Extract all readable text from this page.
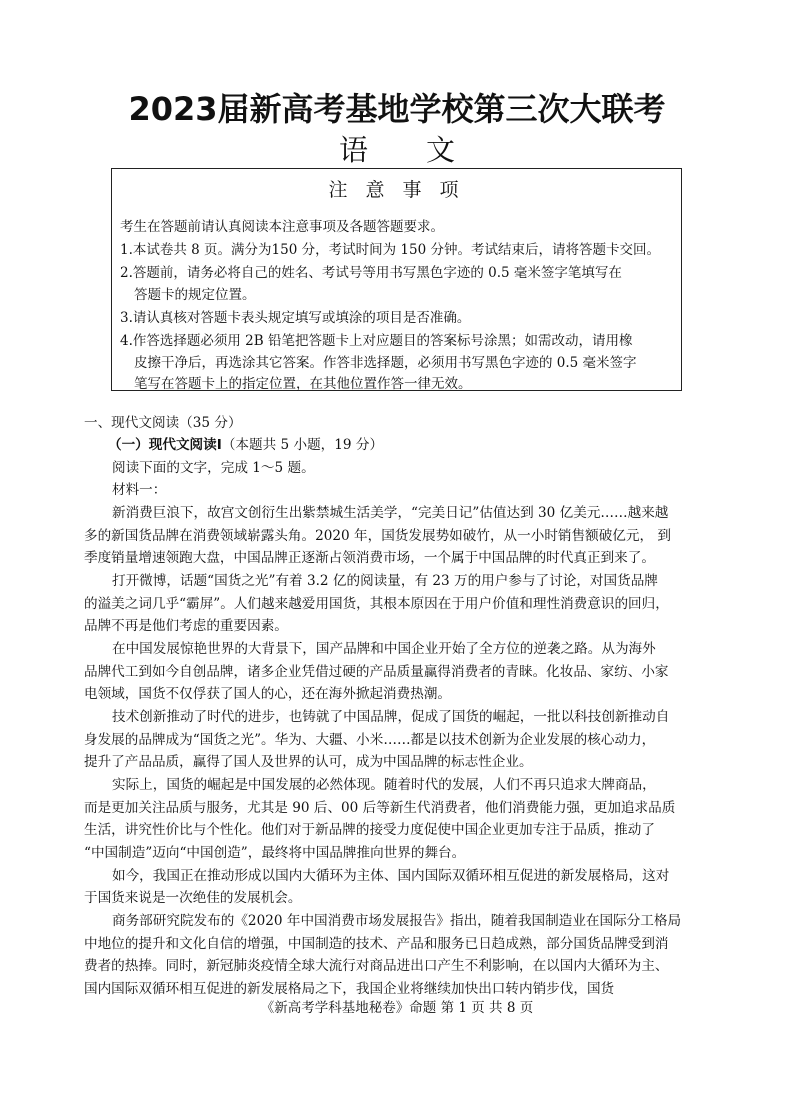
2023届新高考基地学校第三次大联考
语 文
注 意 事 项
考生在答题前请认真阅读本注意事项及各题答题要求。
1.本试卷共 8 页。满分为150 分，考试时间为 150 分钟。考试结束后，请将答题卡交回。
2.答题前，请务必将自己的姓名、考试号等用书写黑色字迹的 0.5 毫米签字笔填写在
答题卡的规定位置。
3.请认真核对答题卡表头规定填写或填涂的项目是否准确。
4.作答选择题必须用 2B 铅笔把答题卡上对应题目的答案标号涂黑；如需改动，请用橡
皮擦干净后，再选涂其它答案。作答非选择题，必须用书写黑色字迹的 0.5 毫米签字
笔写在答题卡上的指定位置，在其他位置作答一律无效。
一、现代文阅读（35 分）
（一）现代文阅读Ⅰ（本题共 5 小题，19 分）
阅读下面的文字，完成 1～5 题。
材料一：
新消费巨浪下，故宫文创衍生出紫禁城生活美学，“完美日记”估值达到 30 亿美元……越来越
多的新国货品牌在消费领域崭露头角。2020 年，国货发展势如破竹，从一小时销售额破亿元， 到
季度销量增速领跑大盘，中国品牌正逐渐占领消费市场，一个属于中国品牌的时代真正到来了。
打开微博，话题“国货之光”有着 3.2 亿的阅读量，有 23 万的用户参与了讨论，对国货品牌
的溢美之词几乎“霸屏”。人们越来越爱用国货，其根本原因在于用户价值和理性消费意识的回归，
品牌不再是他们考虑的重要因素。
在中国发展惊艳世界的大背景下，国产品牌和中国企业开始了全方位的逆袭之路。从为海外
品牌代工到如今自创品牌，诸多企业凭借过硬的产品质量赢得消费者的青睐。化妆品、家纺、小家
电领域，国货不仅俘获了国人的心，还在海外掀起消费热潮。
技术创新推动了时代的进步，也铸就了中国品牌，促成了国货的崛起，一批以科技创新推动自
身发展的品牌成为“国货之光”。华为、大疆、小米……都是以技术创新为企业发展的核心动力，
提升了产品品质，赢得了国人及世界的认可，成为中国品牌的标志性企业。
实际上，国货的崛起是中国发展的必然体现。随着时代的发展，人们不再只追求大牌商品，
而是更加关注品质与服务，尤其是 90 后、00 后等新生代消费者，他们消费能力强，更加追求品质
生活，讲究性价比与个性化。他们对于新品牌的接受力度促使中国企业更加专注于品质，推动了
“中国制造”迈向“中国创造”，最终将中国品牌推向世界的舞台。
如今，我国正在推动形成以国内大循环为主体、国内国际双循环相互促进的新发展格局，这对
于国货来说是一次绝佳的发展机会。
商务部研究院发布的《2020 年中国消费市场发展报告》指出，随着我国制造业在国际分工格局
中地位的提升和文化自信的增强，中国制造的技术、产品和服务已日趋成熟，部分国货品牌受到消
费者的热捧。同时，新冠肺炎疫情全球大流行对商品进出口产生不利影响，在以国内大循环为主、
国内国际双循环相互促进的新发展格局之下，我国企业将继续加快出口转内销步伐，国货
《新高考学科基地秘卷》命题 第 1 页 共 8 页
